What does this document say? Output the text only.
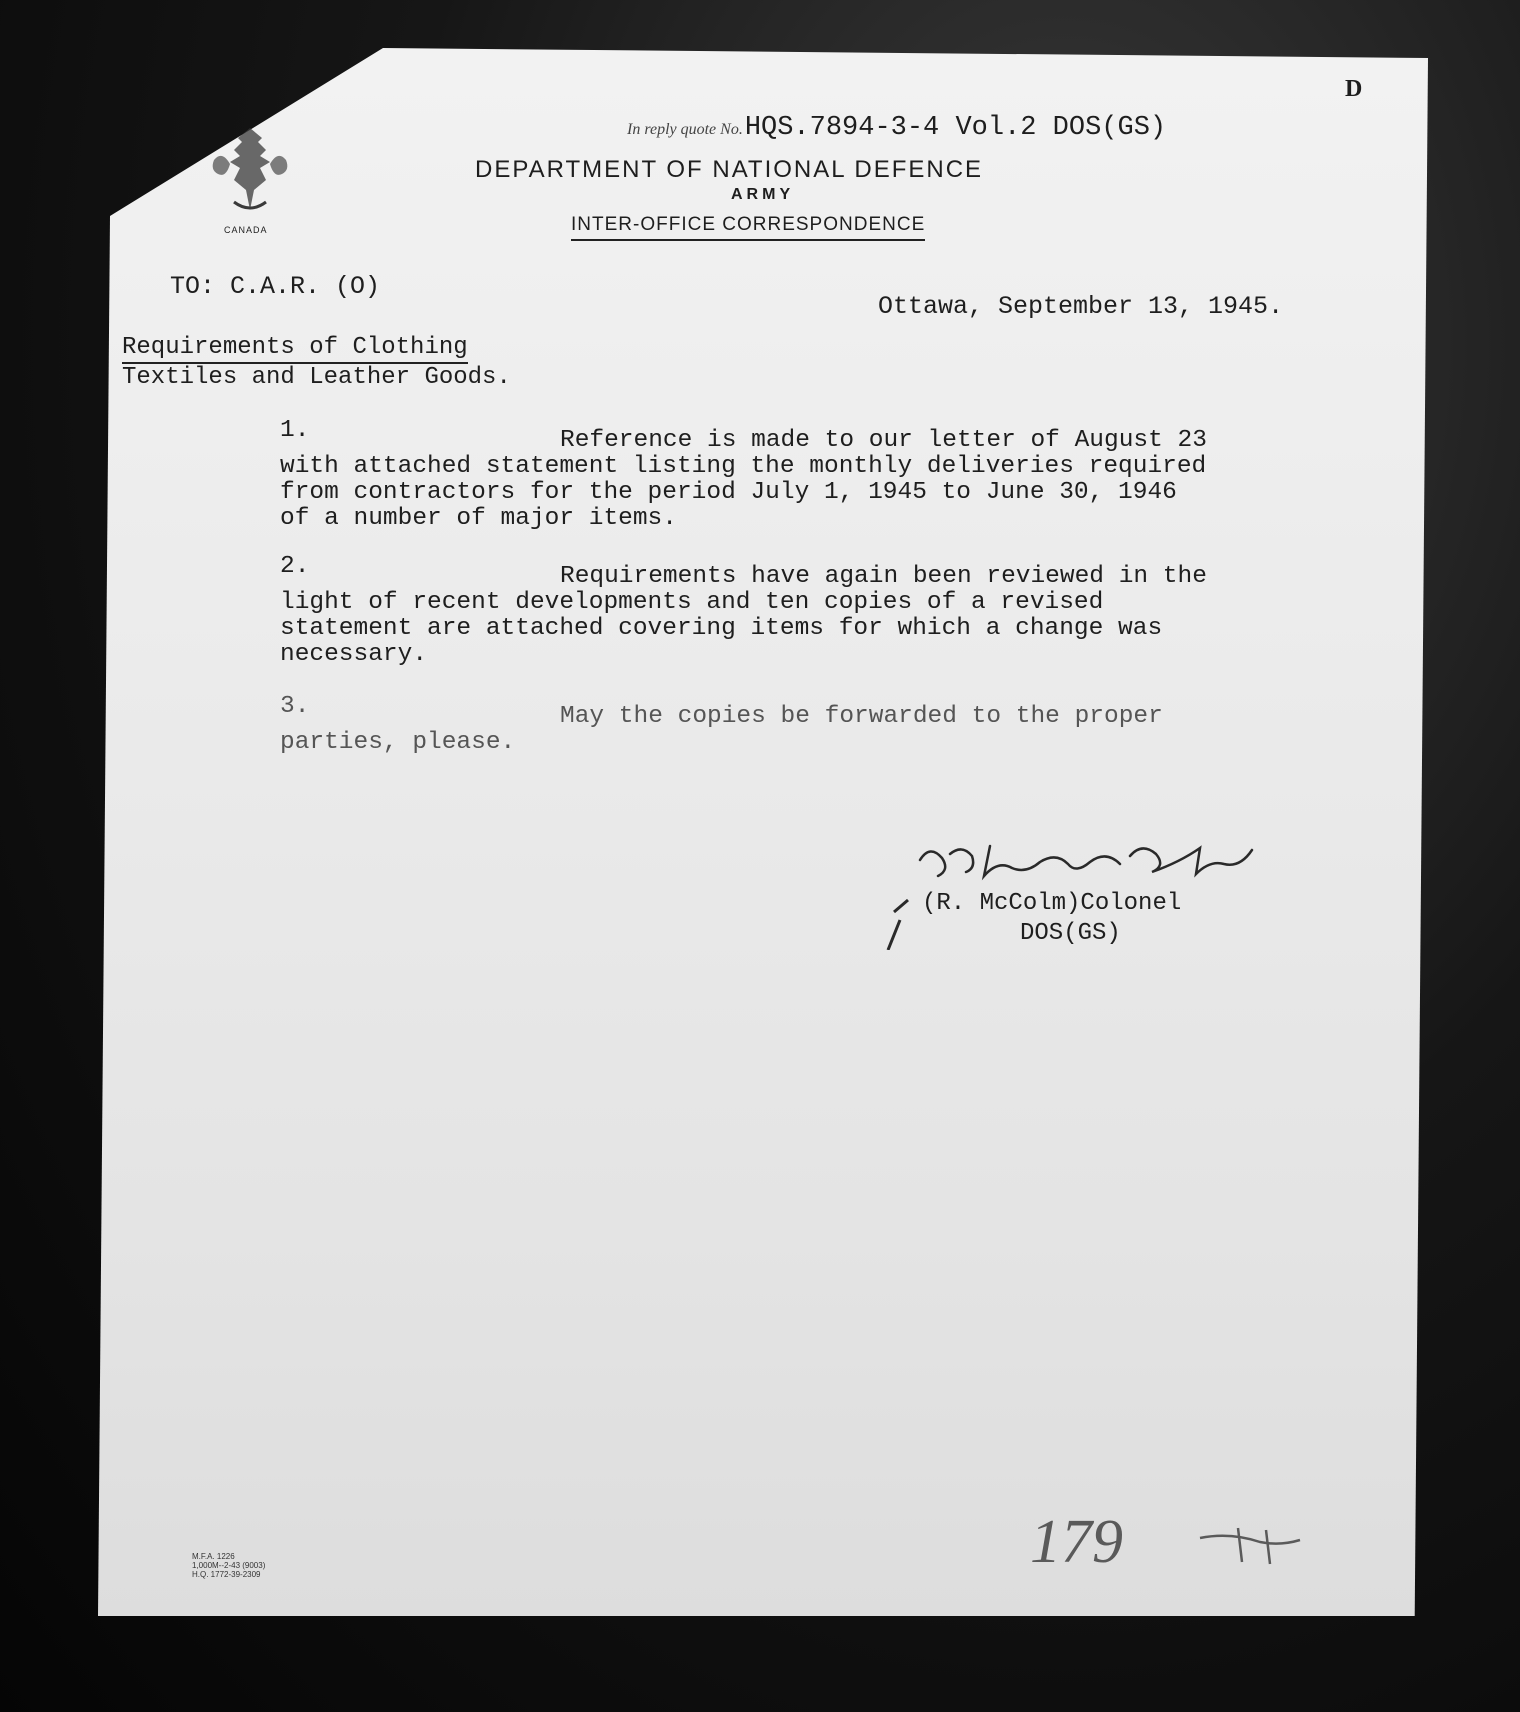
D
In reply quote No.HQS.7894-3-4 Vol.2 DOS(GS)
CANADA
DEPARTMENT OF NATIONAL DEFENCE
ARMY
INTER-OFFICE CORRESPONDENCE
TO: C.A.R. (O)
Ottawa, September 13, 1945.
Requirements of Clothing
Textiles and Leather Goods.
1.	Reference is made to our letter of August 23
with attached statement listing the monthly deliveries required
from contractors for the period July 1, 1945 to June 30, 1946
of a number of major items.
2.	Requirements have again been reviewed in the
light of recent developments and ten copies of a revised
statement are attached covering items for which a change was
necessary.
3.	May the copies be forwarded to the proper
parties, please.
(R. McColm)Colonel
DOS(GS)
179
M.F.A. 1226
1,000M--2-43 (9003)
H.Q. 1772-39-2309
